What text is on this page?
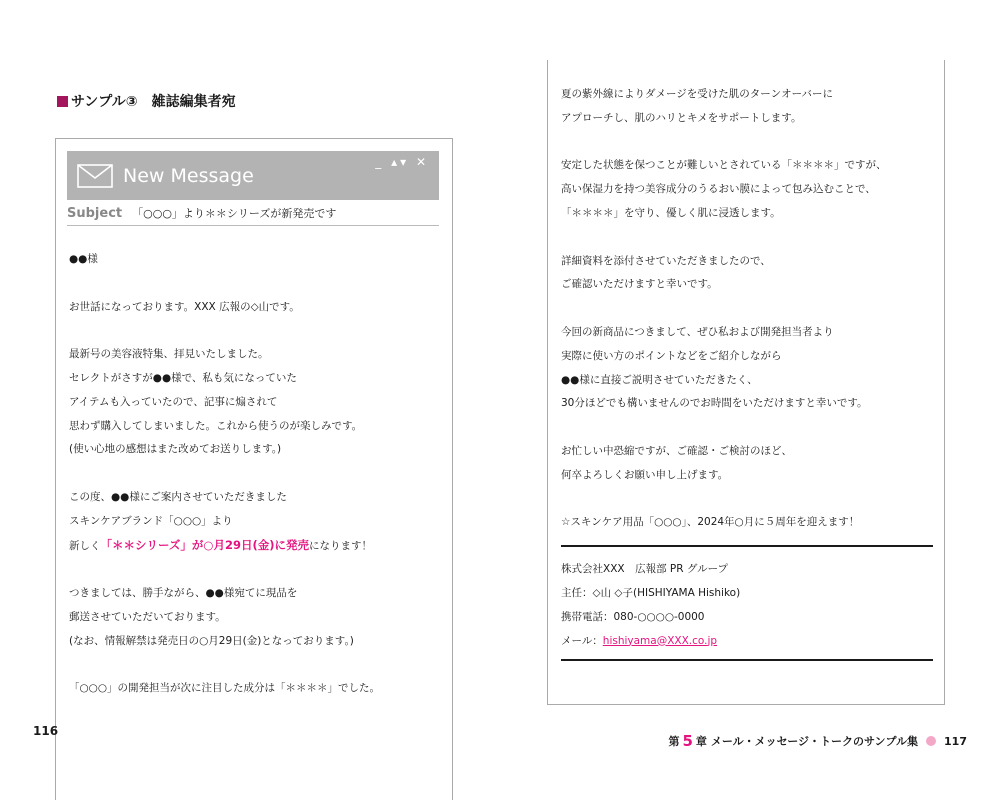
サンプル③　雑誌編集者宛
New Message
_ ▴▾ ✕
Subject 「○○○」より＊＊シリーズが新発売です
●●様
お世話になっております。XXX 広報の◇山です。
最新号の美容液特集、拝見いたしました。
セレクトがさすが●●様で、私も気になっていた
アイテムも入っていたので、記事に煽されて
思わず購入してしまいました。これから使うのが楽しみです。
(使い心地の感想はまた改めてお送りします。)
この度、●●様にご案内させていただきました
スキンケアブランド「○○○」より
新しく「＊＊シリーズ」が○月29日(金)に発売になります！
つきましては、勝手ながら、●●様宛てに現品を
郵送させていただいております。
(なお、情報解禁は発売日の○月29日(金)となっております。)
「○○○」の開発担当が次に注目した成分は「＊＊＊＊」でした。
夏の紫外線によりダメージを受けた肌のターンオーバーに
アプローチし、肌のハリとキメをサポートします。
安定した状態を保つことが難しいとされている「＊＊＊＊」ですが、
高い保湿力を持つ美容成分のうるおい膜によって包み込むことで、
「＊＊＊＊」を守り、優しく肌に浸透します。
詳細資料を添付させていただきましたので、
ご確認いただけますと幸いです。
今回の新商品につきまして、ぜひ私および開発担当者より
実際に使い方のポイントなどをご紹介しながら
●●様に直接ご説明させていただきたく、
30分ほどでも構いませんのでお時間をいただけますと幸いです。
お忙しい中恐縮ですが、ご確認・ご検討のほど、
何卒よろしくお願い申し上げます。
☆スキンケア用品「○○○」、2024年○月に５周年を迎えます！
株式会社XXX　広報部 PR グループ
主任：◇山 ◇子(HISHIYAMA Hishiko)
携帯電話：080-○○○○-0000
メール：hishiyama@XXX.co.jp
116
第 5 章 メール・メッセージ・トークのサンプル集 117
